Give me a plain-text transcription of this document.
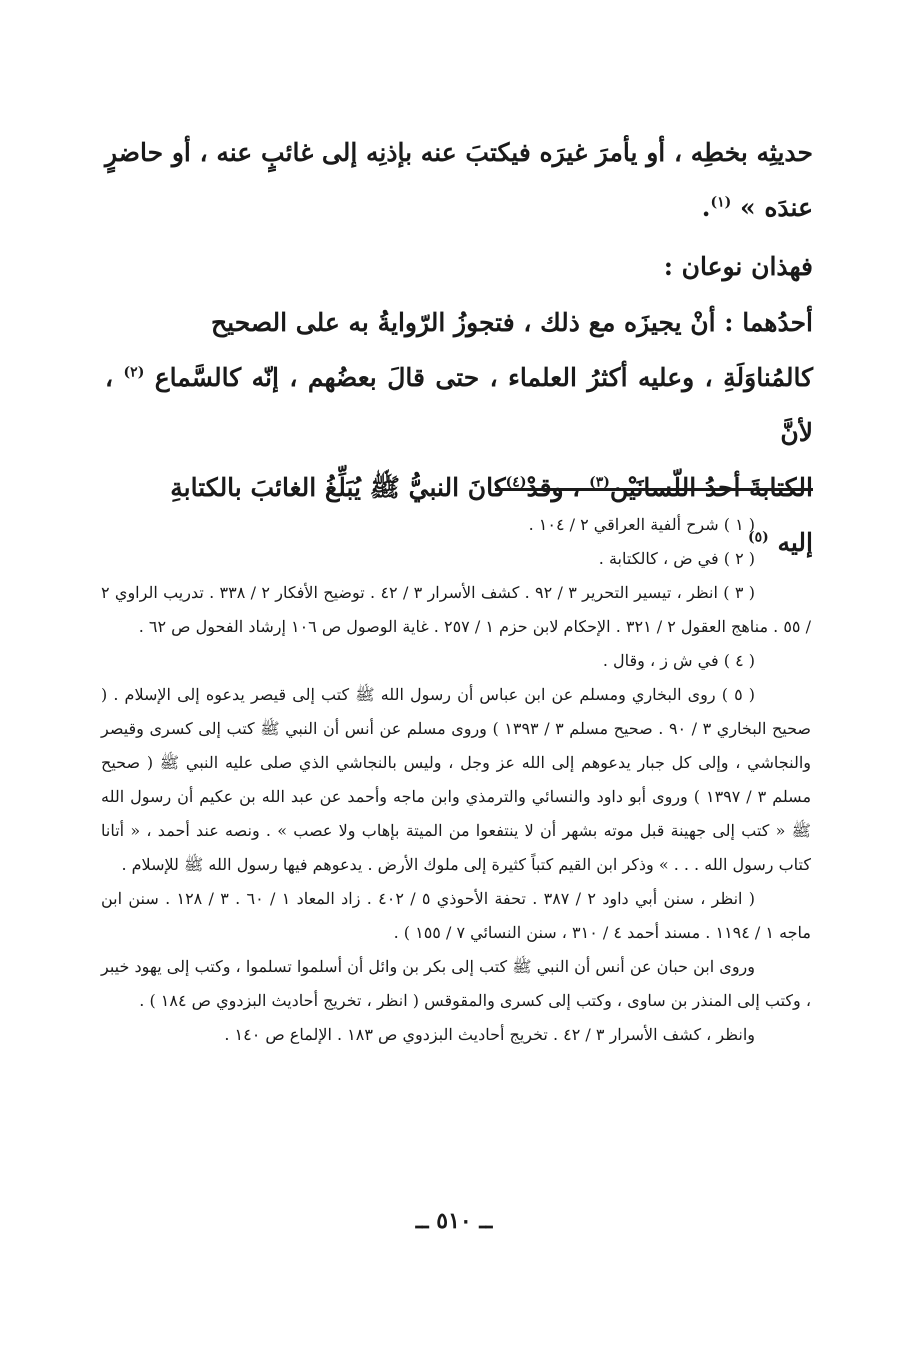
حديثِه بخطِه ، أو يأمرَ غيرَه فيكتبَ عنه بإذنِه إلى غائبٍ عنه ، أو حاضرٍ عندَه » $^{(١)}$.

فهذان نوعان :

أحدُهما : أنْ يجيزَه مع ذلك ، فتجوزُ الرّوايةُ به على الصحيح
كالمُناوَلَةِ ، وعليه أكثرُ العلماء ، حتى قالَ بعضُهم ، إنّه كالسَّماع $^{(٢)}$ ، لأنَّ
الكتابةَ أحدُ اللّسانَيْن$^{(٣)}$ ، وقدْ$^{(٤)}$كانَ النبيُّ ﷺ يُبَلِّغُ الغائبَ بالكتابةِ
إليه $^{(٥)}$

( ١ ) شرح ألفية العراقي ٢ / ١٠٤ .

( ٢ ) في ض ، كالكتابة .

( ٣ ) انظر ، تيسير التحرير ٣ / ٩٢ . كشف الأسرار ٣ / ٤٢ . توضيح الأفكار ٢ / ٣٣٨ . تدريب الراوي ٢ / ٥٥ . مناهج العقول ٢ / ٣٢١ . الإحكام لابن حزم ١ / ٢٥٧ . غاية الوصول ص ١٠٦ إرشاد الفحول ص ٦٢ .

( ٤ ) في ش ز ، وقال .

( ٥ ) روى البخاري ومسلم عن ابن عباس أن رسول الله ﷺ كتب إلى قيصر يدعوه إلى الإسلام . ( صحيح البخاري ٣ / ٩٠ . صحيح مسلم ٣ / ١٣٩٣ ) وروى مسلم عن أنس أن النبي ﷺ كتب إلى كسرى وقيصر والنجاشي ، وإلى كل جبار يدعوهم إلى الله عز وجل ، وليس بالنجاشي الذي صلى عليه النبي ﷺ ( صحيح مسلم ٣ / ١٣٩٧ ) وروى أبو داود والنسائي والترمذي وابن ماجه وأحمد عن عبد الله بن عكيم أن رسول الله ﷺ « كتب إلى جهينة قبل موته بشهر أن لا ينتفعوا من الميتة بإهاب ولا عصب » . ونصه عند أحمد ، « أتانا كتاب رسول الله . . . » وذكر ابن القيم كتباً كثيرة إلى ملوك الأرض . يدعوهم فيها رسول الله ﷺ للإسلام .

( انظر ، سنن أبي داود ٢ / ٣٨٧ . تحفة الأحوذي ٥ / ٤٠٢ . زاد المعاد ١ / ٦٠ . ٣ / ١٢٨ . سنن ابن ماجه ١ / ١١٩٤ . مسند أحمد ٤ / ٣١٠ ، سنن النسائي ٧ / ١٥٥ ) .

وروى ابن حبان عن أنس أن النبي ﷺ كتب إلى بكر بن وائل أن أسلموا تسلموا ، وكتب إلى يهود خيبر ، وكتب إلى المنذر بن ساوى ، وكتب إلى كسرى والمقوقس ( انظر ، تخريج أحاديث البزدوي ص ١٨٤ ) .

وانظر ، كشف الأسرار ٣ / ٤٢ . تخريج أحاديث البزدوي ص ١٨٣ . الإلماع ص ١٤٠ .

ــ ٥١٠ ــ
